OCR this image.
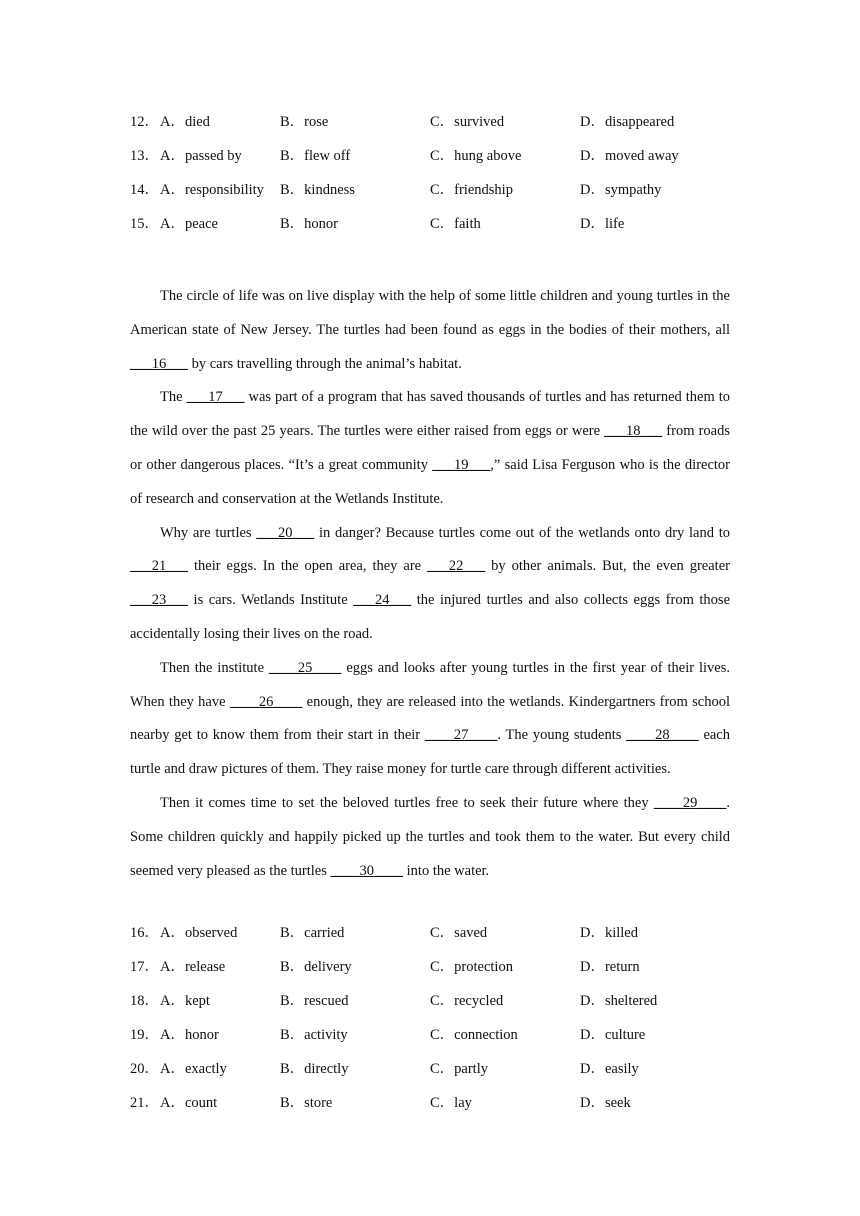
12． A．died	B．rose	C．survived	D．disappeared
13． A．passed by	B．flew off	C．hung above	D．moved away
14． A．responsibility B．kindness	C．friendship	D．sympathy
15． A．peace	B．honor	C．faith	D．life

The circle of life was on live display with the help of some little children and young turtles in the American state of New Jersey. The turtles had been found as eggs in the bodies of their mothers, all ___16___ by cars travelling through the animal’s habitat.

The ___17___ was part of a program that has saved thousands of turtles and has returned them to the wild over the past 25 years. The turtles were either raised from eggs or were ___18___ from roads or other dangerous places. “It’s a great community ___19___,” said Lisa Ferguson who is the director of research and conservation at the Wetlands Institute.

Why are turtles ___20___ in danger? Because turtles come out of the wetlands onto dry land to ___21___ their eggs. In the open area, they are ___22___ by other animals. But, the even greater ___23___ is cars. Wetlands Institute ___24___ the injured turtles and also collects eggs from those accidentally losing their lives on the road.

Then the institute ____25____ eggs and looks after young turtles in the first year of their lives. When they have ____26____ enough, they are released into the wetlands. Kindergartners from school nearby get to know them from their start in their ____27____. The young students ____28____ each turtle and draw pictures of them. They raise money for turtle care through different activities.

Then it comes time to set the beloved turtles free to seek their future where they ____29____. Some children quickly and happily picked up the turtles and took them to the water. But every child seemed very pleased as the turtles ____30____ into the water.

16． A．observed	B．carried	C．saved	D．killed
17． A．release	B．delivery	C．protection	D．return
18． A．kept	B．rescued	C．recycled	D．sheltered
19． A．honor	B．activity	C．connection	D．culture
20． A．exactly	B．directly	C．partly	D．easily
21． A．count	B．store	C．lay	D．seek
